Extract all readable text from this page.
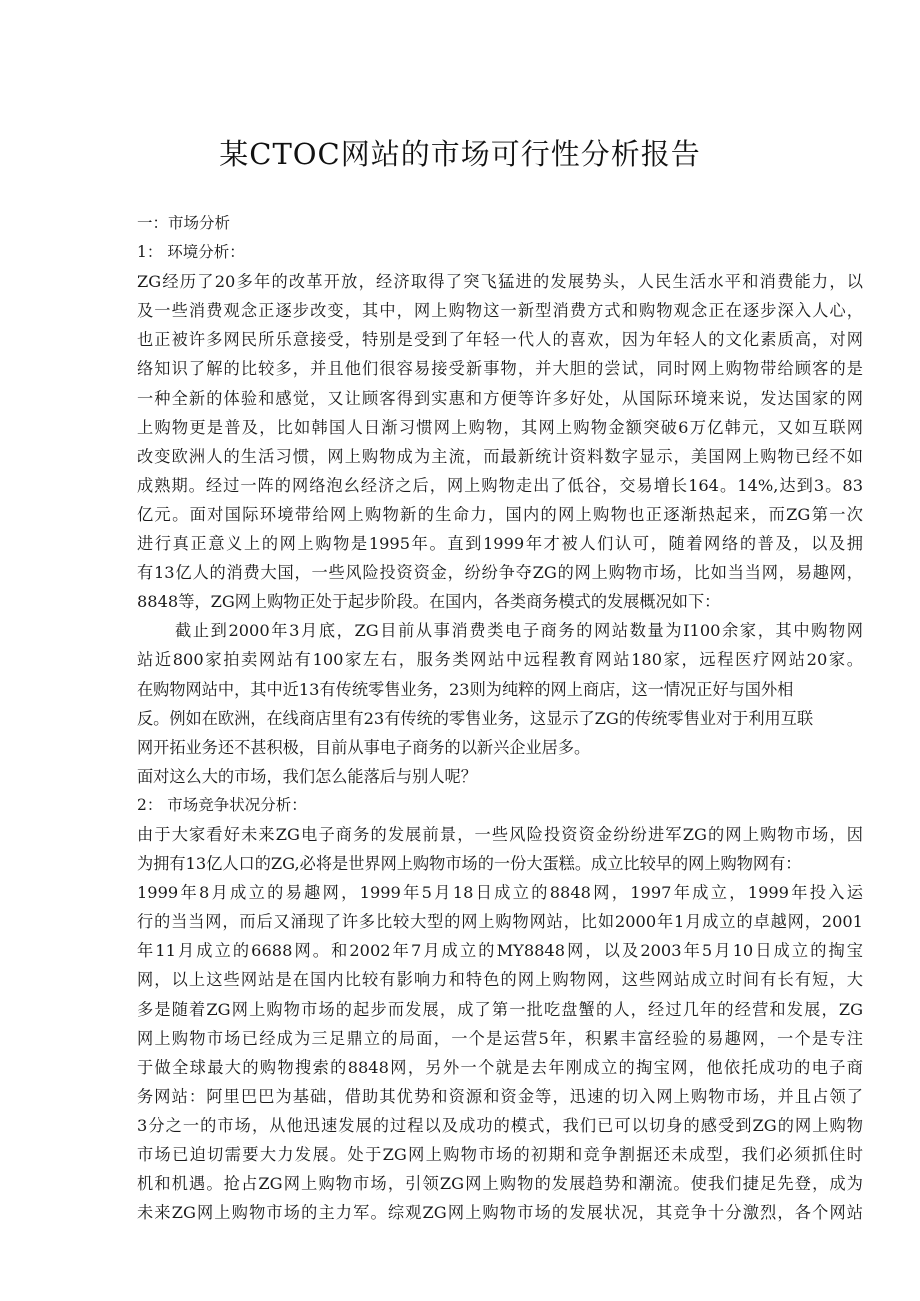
某CTOC网站的市场可行性分析报告
一：市场分析
1： 环境分析：
ZG经历了20多年的改革开放，经济取得了突飞猛进的发展势头，人民生活水平和消费能力，以
及一些消费观念正逐步改变，其中，网上购物这一新型消费方式和购物观念正在逐步深入人心，
也正被许多网民所乐意接受，特别是受到了年轻一代人的喜欢，因为年轻人的文化素质高，对网
络知识了解的比较多，并且他们很容易接受新事物，并大胆的尝试，同时网上购物带给顾客的是
一种全新的体验和感觉，又让顾客得到实惠和方便等许多好处，从国际环境来说，发达国家的网
上购物更是普及，比如韩国人日渐习惯网上购物，其网上购物金额突破6万亿韩元，又如互联网
改变欧洲人的生活习惯，网上购物成为主流，而最新统计资料数字显示，美国网上购物已经不如
成熟期。经过一阵的网络泡幺经济之后，网上购物走出了低谷，交易增长164。14%,达到3。83
亿元。面对国际环境带给网上购物新的生命力，国内的网上购物也正逐渐热起来，而ZG第一次
进行真正意义上的网上购物是1995年。直到1999年才被人们认可，随着网络的普及，以及拥
有13亿人的消费大国，一些风险投资资金，纷纷争夺ZG的网上购物市场，比如当当网，易趣网，
8848等，ZG网上购物正处于起步阶段。在国内，各类商务模式的发展概况如下：
截止到2000年3月底，ZG目前从事消费类电子商务的网站数量为I100余家，其中购物网
站近800家拍卖网站有100家左右，服务类网站中远程教育网站180家，远程医疗网站20家。
在购物网站中，其中近13有传统零售业务，23则为纯粹的网上商店，这一情况正好与国外相
反。例如在欧洲，在线商店里有23有传统的零售业务，这显示了ZG的传统零售业对于利用互联
网开拓业务还不甚积极，目前从事电子商务的以新兴企业居多。
面对这么大的市场，我们怎么能落后与别人呢？
2： 市场竞争状况分析：
由于大家看好未来ZG电子商务的发展前景，一些风险投资资金纷纷进军ZG的网上购物市场，因
为拥有13亿人口的ZG,必将是世界网上购物市场的一份大蛋糕。成立比较早的网上购物网有：
1999年8月成立的易趣网，1999年5月18日成立的8848网，1997年成立，1999年投入运
行的当当网，而后又涌现了许多比较大型的网上购物网站，比如2000年1月成立的卓越网，2001
年11月成立的6688网。和2002年7月成立的MY8848网，以及2003年5月10日成立的掏宝
网，以上这些网站是在国内比较有影响力和特色的网上购物网，这些网站成立时间有长有短，大
多是随着ZG网上购物市场的起步而发展，成了第一批吃盘蟹的人，经过几年的经营和发展，ZG
网上购物市场已经成为三足鼎立的局面，一个是运营5年，积累丰富经验的易趣网，一个是专注
于做全球最大的购物搜索的8848网，另外一个就是去年刚成立的掏宝网，他依托成功的电子商
务网站：阿里巴巴为基础，借助其优势和资源和资金等，迅速的切入网上购物市场，并且占领了
3分之一的市场，从他迅速发展的过程以及成功的模式，我们已可以切身的感受到ZG的网上购物
市场已迫切需要大力发展。处于ZG网上购物市场的初期和竞争割据还未成型，我们必须抓住时
机和机遇。抢占ZG网上购物市场，引领ZG网上购物的发展趋势和潮流。使我们捷足先登，成为
未来ZG网上购物市场的主力军。综观ZG网上购物市场的发展状况，其竞争十分激烈，各个网站
